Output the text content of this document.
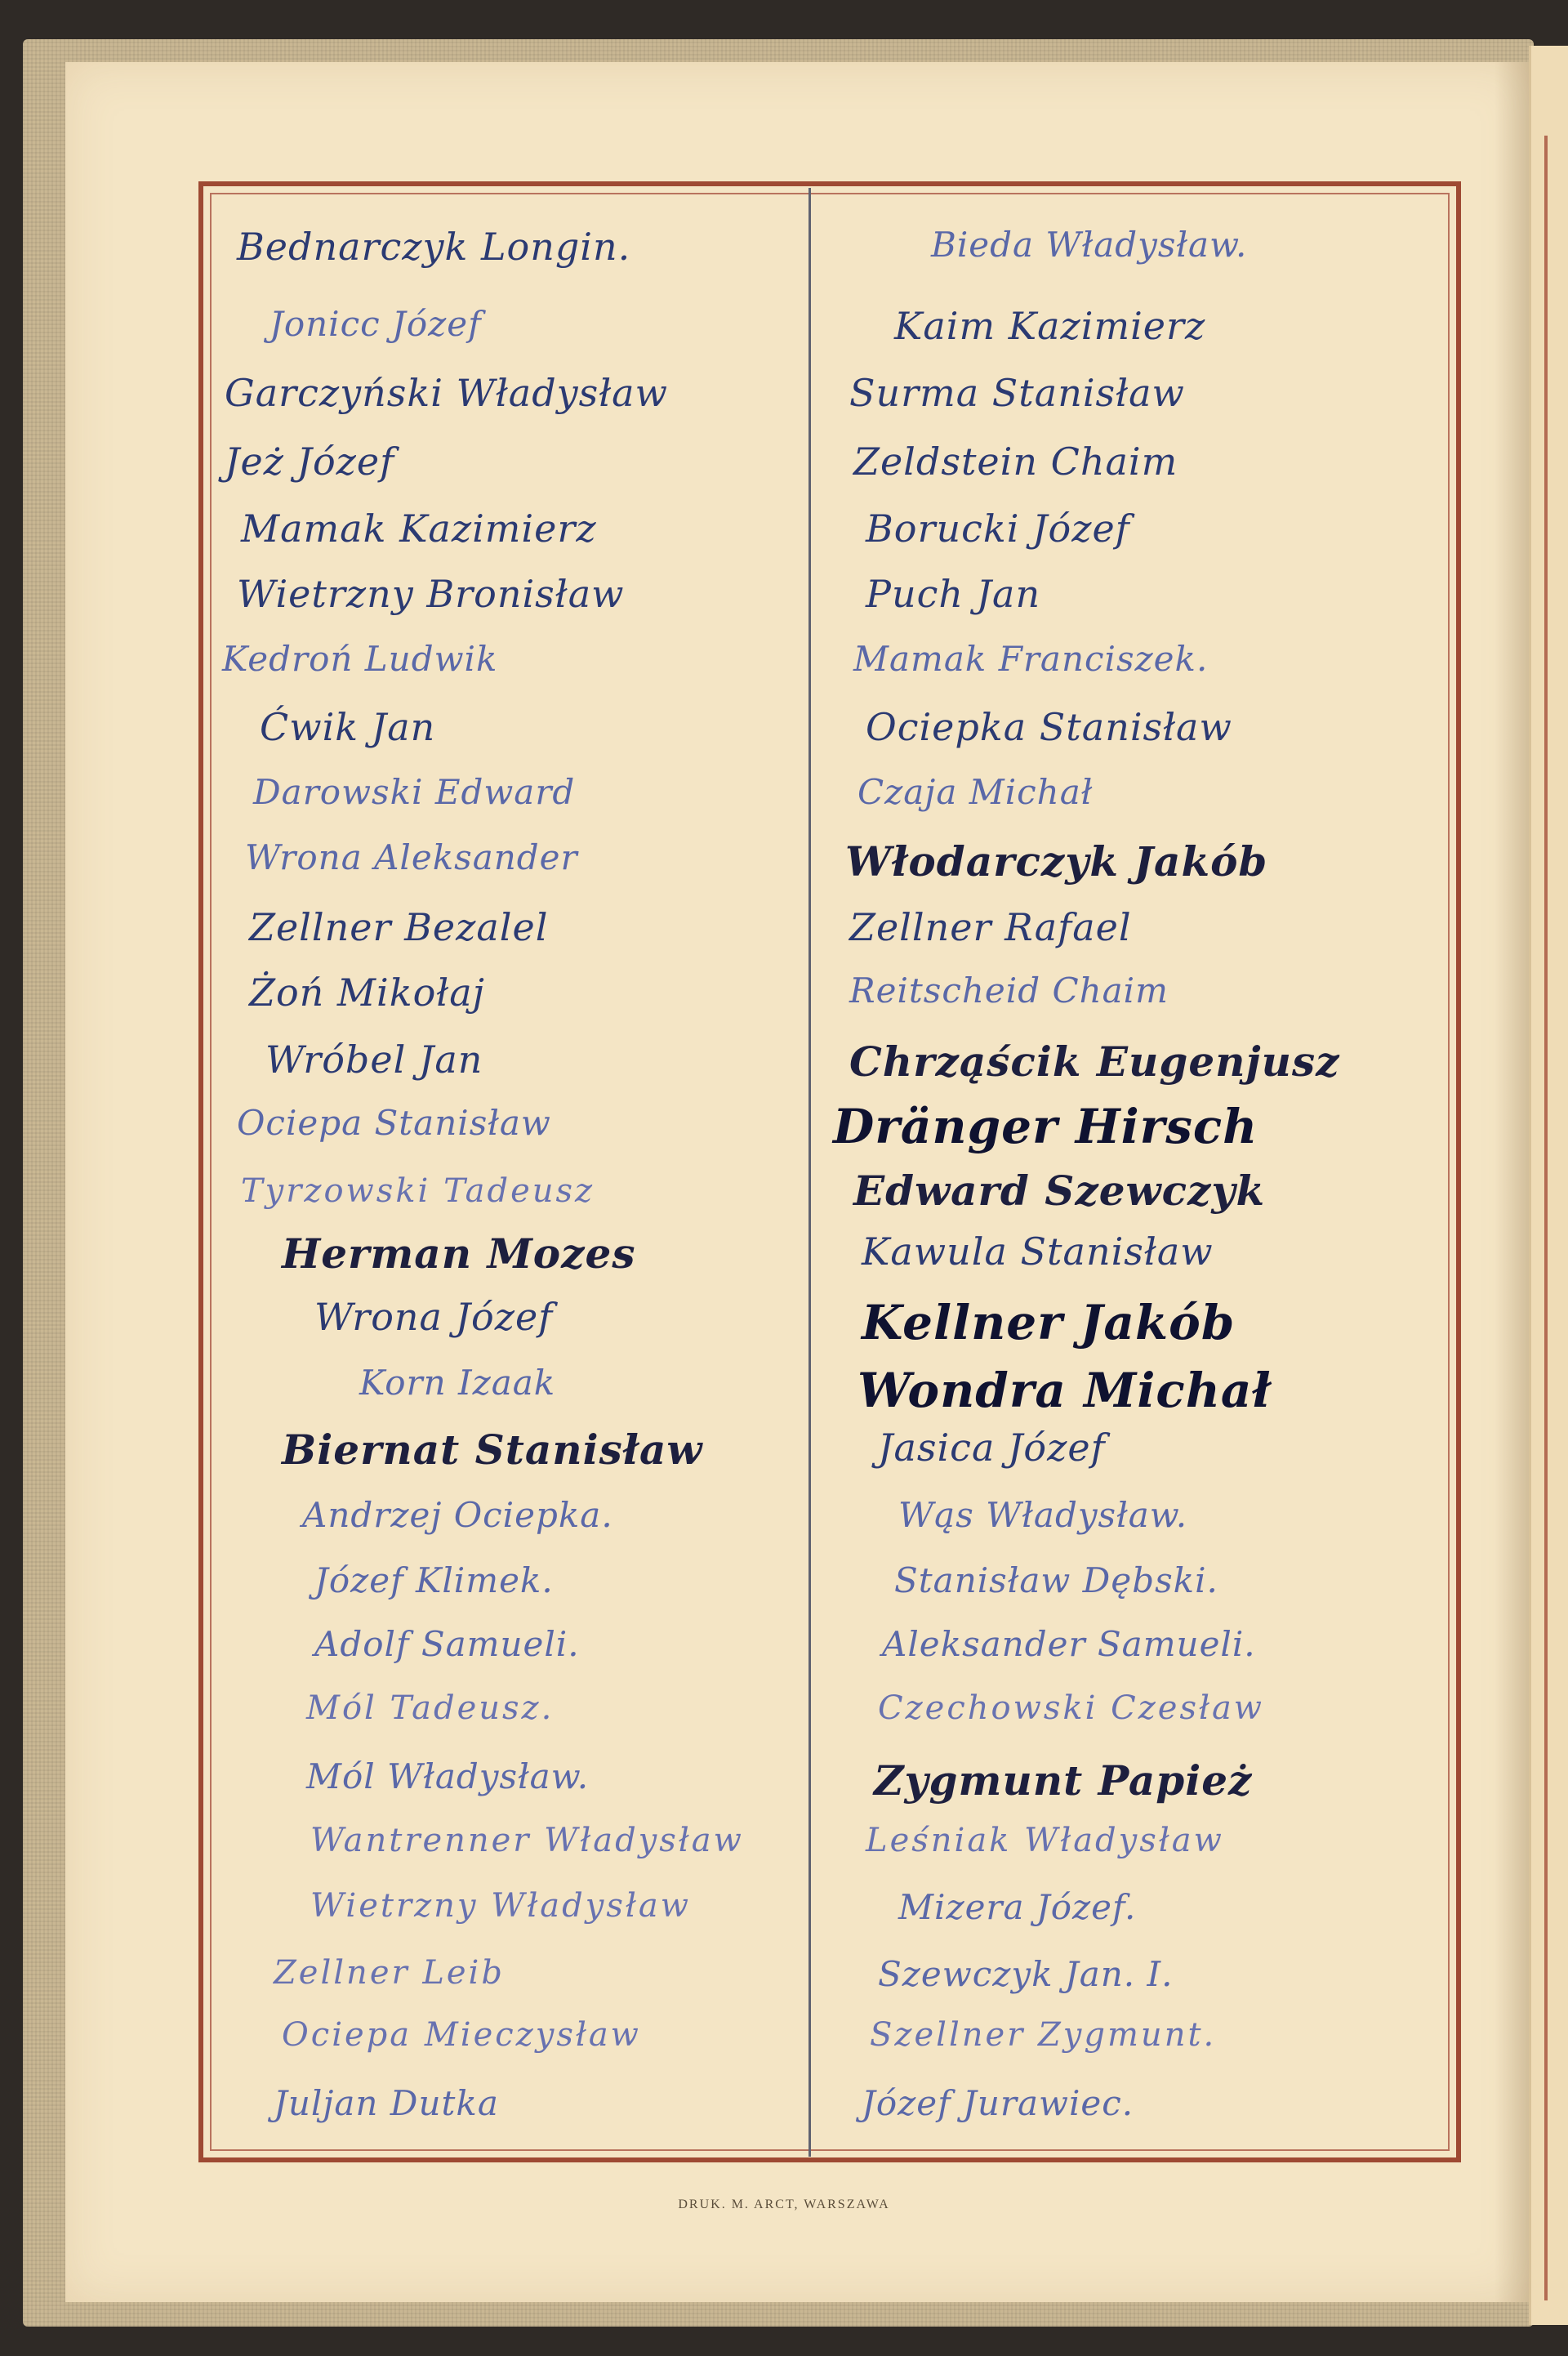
Bednarczyk Longin.
Jonicc Józef
Garczyński Władysław
Jeż Józef
Mamak Kazimierz
Wietrzny Bronisław
Kedroń Ludwik
Ćwik Jan
Darowski Edward
Wrona Aleksander
Zellner Bezalel
Żoń Mikołaj
Wróbel Jan
Ociepa Stanisław
Tyrzowski Tadeusz
Herman Mozes
Wrona Józef
Korn Izaak
Biernat Stanisław
Andrzej Ociepka.
Józef Klimek.
Adolf Samueli.
Mól Tadeusz.
Mól Władysław.
Wantrenner Władysław
Wietrzny Władysław
Zellner Leib
Ociepa Mieczysław
Juljan Dutka
Bieda Władysław.
Kaim Kazimierz
Surma Stanisław
Zeldstein Chaim
Borucki Józef
Puch Jan
Mamak Franciszek.
Ociepka Stanisław
Czaja Michał
Włodarczyk Jakób
Zellner Rafael
Reitscheid Chaim
Chrząścik Eugenjusz
Dränger Hirsch
Edward Szewczyk
Kawula Stanisław
Kellner Jakób
Wondra Michał
Jasica Józef
Wąs Władysław.
Stanisław Dębski.
Aleksander Samueli.
Czechowski Czesław
Zygmunt Papież
Leśniak Władysław
Mizera Józef.
Szewczyk Jan. I.
Szellner Zygmunt.
Józef Jurawiec.
DRUK. M. ARCT, WARSZAWA
